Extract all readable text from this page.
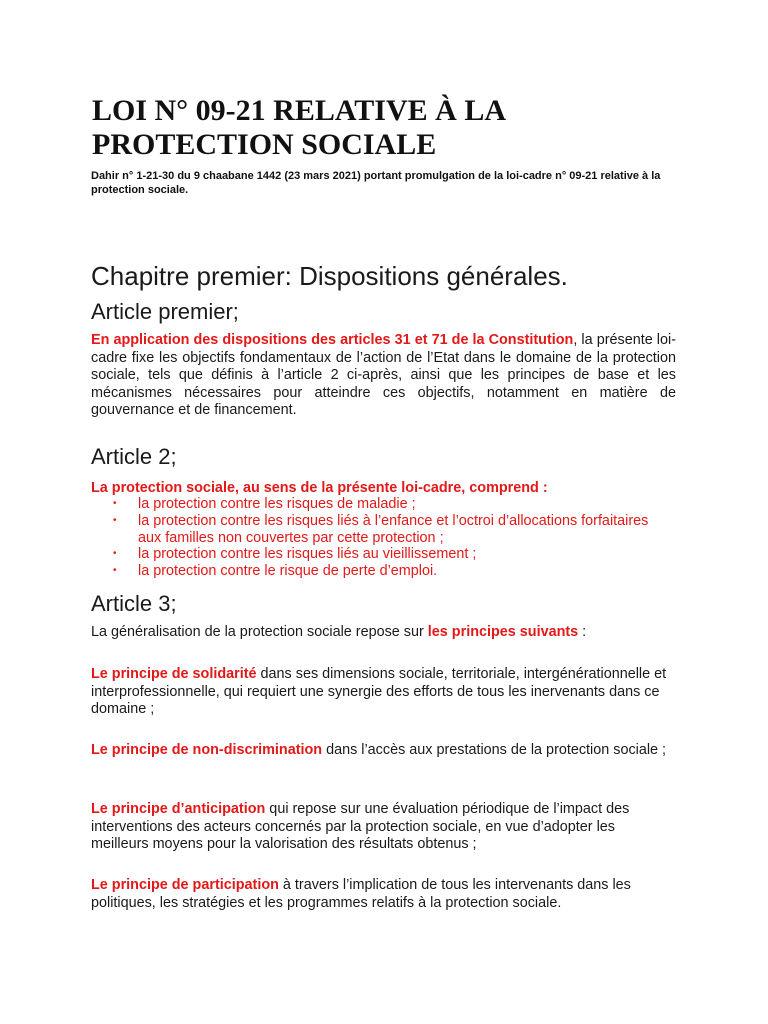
LOI N° 09-21 RELATIVE À LA PROTECTION SOCIALE

Dahir n° 1-21-30 du 9 chaabane 1442 (23 mars 2021) portant promulgation de la loi-cadre n° 09-21 relative à la protection sociale.

Chapitre premier: Dispositions générales.
Article premier;

En application des dispositions des articles 31 et 71 de la Constitution, la présente loi-cadre fixe les objectifs fondamentaux de l’action de l’Etat dans le domaine de la protection sociale, tels que définis à l’article 2 ci-après, ainsi que les principes de base et les mécanismes nécessaires pour atteindre ces objectifs, notamment en matière de gouvernance et de financement.

Article 2;

La protection sociale, au sens de la présente loi-cadre, comprend :

• la protection contre les risques de maladie ;
• la protection contre les risques liés à l’enfance et l’octroi d’allocations forfaitaires aux familles non couvertes par cette protection ;
• la protection contre les risques liés au vieillissement ;
• la protection contre le risque de perte d’emploi.
Article 3;

La généralisation de la protection sociale repose sur les principes suivants :

Le principe de solidarité dans ses dimensions sociale, territoriale, intergénérationnelle et interprofessionnelle, qui requiert une synergie des efforts de tous les inervenants dans ce domaine ;

Le principe de non-discrimination dans l’accès aux prestations de la protection sociale ;

Le principe d’anticipation qui repose sur une évaluation périodique de l’impact des interventions des acteurs concernés par la protection sociale, en vue d’adopter les meilleurs moyens pour la valorisation des résultats obtenus ;

Le principe de participation à travers l’implication de tous les intervenants dans les politiques, les stratégies et les programmes relatifs à la protection sociale.
